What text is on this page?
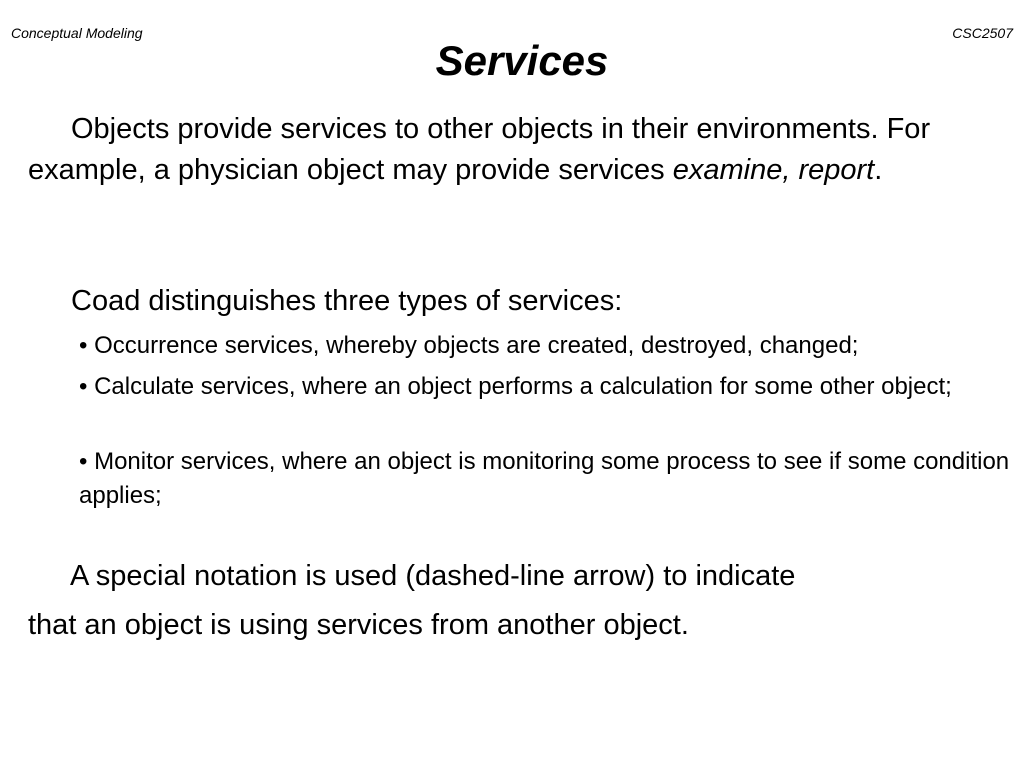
Conceptual Modeling	CSC2507
Services

Objects provide services to other objects in their environments. For example, a physician object may provide services examine, report.

Coad distinguishes three types of services:

• Occurrence services, whereby objects are created, destroyed, changed;

• Calculate services, where an object performs a calculation for some other object;

• Monitor services, where an object is monitoring some process to see if some condition applies;

A special notation is used (dashed-line arrow) to indicate

that an object is using services from another object.
